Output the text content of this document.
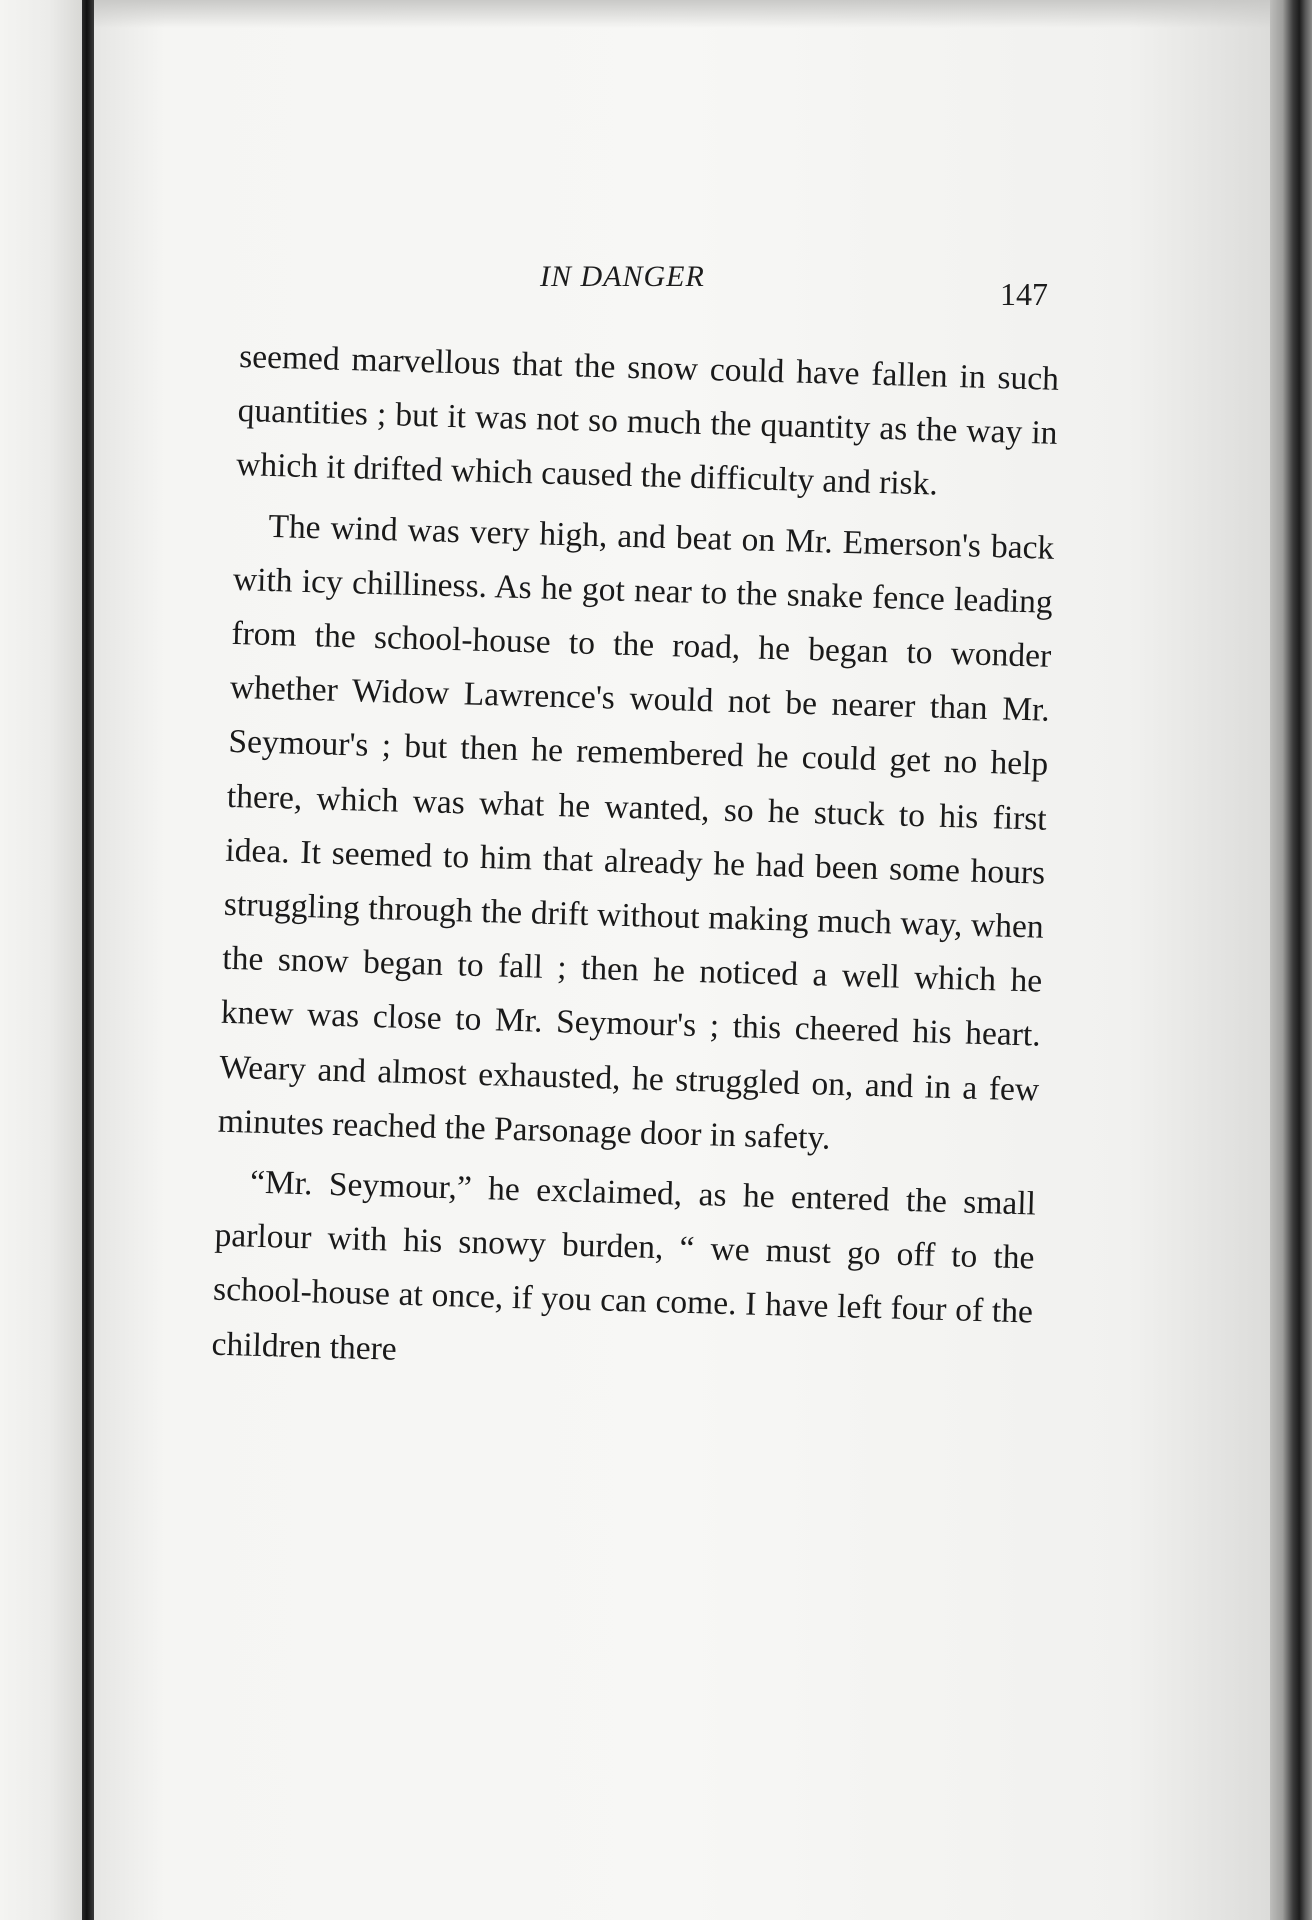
IN DANGER	147

seemed marvellous that the snow could have fallen in such quantities ; but it was not so much the quantity as the way in which it drifted which caused the difficulty and risk.

The wind was very high, and beat on Mr. Emerson's back with icy chilliness. As he got near to the snake fence leading from the school-house to the road, he began to wonder whether Widow Lawrence's would not be nearer than Mr. Seymour's ; but then he remembered he could get no help there, which was what he wanted, so he stuck to his first idea. It seemed to him that already he had been some hours struggling through the drift without making much way, when the snow began to fall ; then he noticed a well which he knew was close to Mr. Seymour's ; this cheered his heart. Weary and almost exhausted, he struggled on, and in a few minutes reached the Parsonage door in safety.

“Mr. Seymour,” he exclaimed, as he entered the small parlour with his snowy burden, “ we must go off to the school-house at once, if you can come. I have left four of the children there
